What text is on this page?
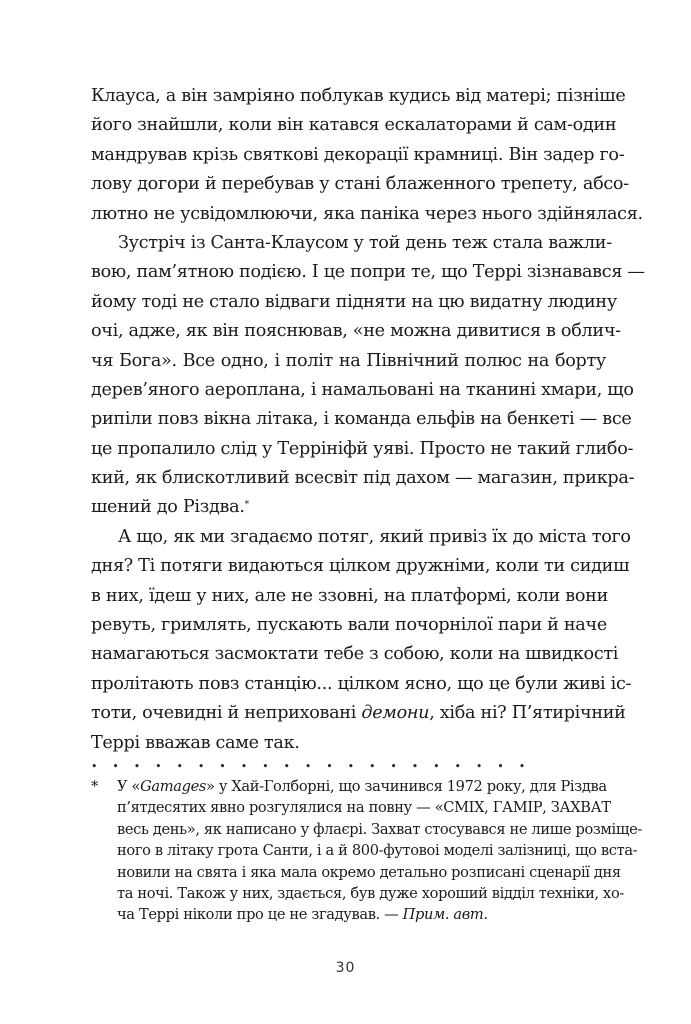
Клауса, а він замріяно поблукав кудись від матері; пізніше
його знайшли, коли він катався ескалаторами й сам-один
мандрував крізь святкові декорації крамниці. Він задер го-
лову догори й перебував у стані блаженного трепету, абсо-
лютно не усвідомлюючи, яка паніка через нього здійнялася.
Зустріч із Санта-Клаусом у той день теж стала важли-
вою, пам’ятною подією. І це попри те, що Террі зізнавався —
йому тоді не стало відваги підняти на цю видатну людину
очі, адже, як він пояснював, «не можна дивитися в облич-
чя Бога». Все одно, і політ на Північний полюс на борту
дерев’яного аероплана, і намальовані на тканині хмари, що
рипіли повз вікна літака, і команда ельфів на бенкеті — все
це пропалило слід у Террініфй уяві. Просто не такий глибо-
кий, як блискотливий всесвіт під дахом — магазин, прикра-
шений до Різдва.*
А що, як ми згадаємо потяг, який привіз їх до міста того
дня? Ті потяги видаються цілком дружніми, коли ти сидиш
в них, їдеш у них, але не ззовні, на платформі, коли вони
ревуть, гримлять, пускають вали почорнілої пари й наче
намагаються засмоктати тебе з собою, коли на швидкості
пролітають повз станцію... цілком ясно, що це були живі іс-
тоти, очевидні й неприховані демони, хіба ні? П’ятирічний
Террі вважав саме так.
• • • • • • • • • • • • • • • • • • • • •
* У «Gamages» у Хай-Голборні, що зачинився 1972 року, для Різдва
п’ятдесятих явно розгулялися на повну — «СМІХ, ГАМІР, ЗАХВАТ
весь день», як написано у флаєрі. Захват стосувався не лише розміще-
ного в літаку грота Санти, і а й 800-футовоі моделі залізниці, що вста-
новили на свята і яка мала окремо детально розписані сценарії дня
та ночі. Також у них, здається, був дуже хороший відділ техніки, хо-
ча Террі ніколи про це не згадував. — Прим. авт.
30
